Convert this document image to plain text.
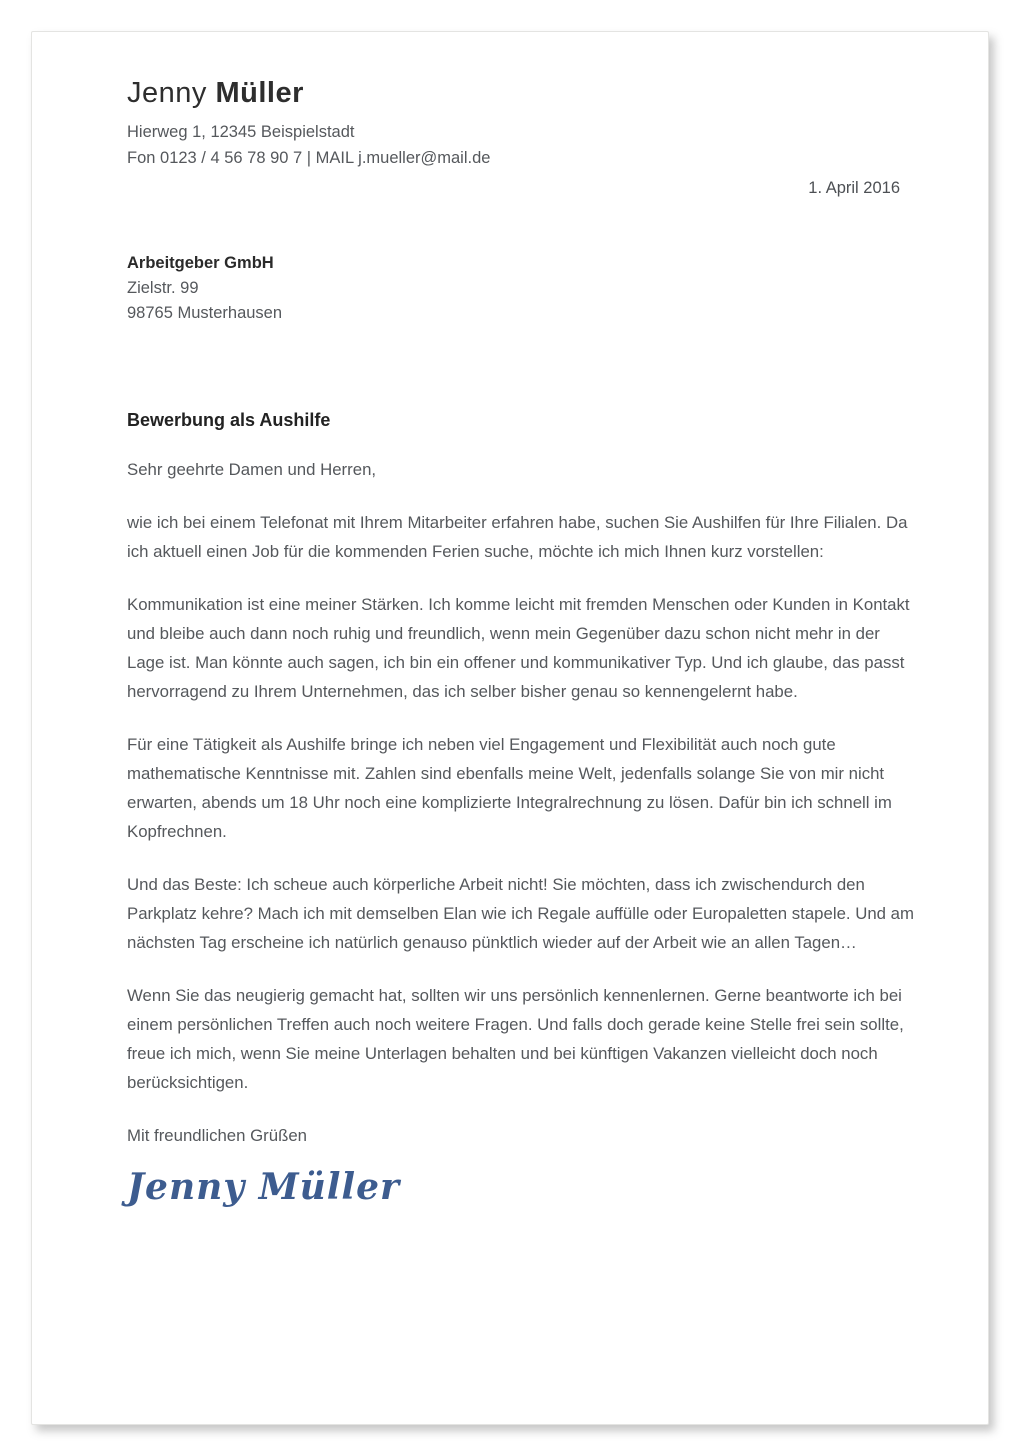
Jenny Müller
Hierweg 1, 12345 Beispielstadt
Fon 0123 / 4 56 78 90 7 | MAIL j.mueller@mail.de
1. April 2016
Arbeitgeber GmbH
Zielstr. 99
98765 Musterhausen
Bewerbung als Aushilfe

Sehr geehrte Damen und Herren,

wie ich bei einem Telefonat mit Ihrem Mitarbeiter erfahren habe, suchen Sie Aushilfen für Ihre Filialen. Da ich aktuell einen Job für die kommenden Ferien suche, möchte ich mich Ihnen kurz vorstellen:

Kommunikation ist eine meiner Stärken. Ich komme leicht mit fremden Menschen oder Kunden in Kontakt und bleibe auch dann noch ruhig und freundlich, wenn mein Gegenüber dazu schon nicht mehr in der Lage ist. Man könnte auch sagen, ich bin ein offener und kommunikativer Typ. Und ich glaube, das passt hervorragend zu Ihrem Unternehmen, das ich selber bisher genau so kennengelernt habe.

Für eine Tätigkeit als Aushilfe bringe ich neben viel Engagement und Flexibilität auch noch gute mathematische Kenntnisse mit. Zahlen sind ebenfalls meine Welt, jedenfalls solange Sie von mir nicht erwarten, abends um 18 Uhr noch eine komplizierte Integralrechnung zu lösen. Dafür bin ich schnell im Kopfrechnen.

Und das Beste: Ich scheue auch körperliche Arbeit nicht! Sie möchten, dass ich zwischendurch den Parkplatz kehre? Mach ich mit demselben Elan wie ich Regale auffülle oder Europaletten stapele. Und am nächsten Tag erscheine ich natürlich genauso pünktlich wieder auf der Arbeit wie an allen Tagen…

Wenn Sie das neugierig gemacht hat, sollten wir uns persönlich kennenlernen. Gerne beantworte ich bei einem persönlichen Treffen auch noch weitere Fragen. Und falls doch gerade keine Stelle frei sein sollte, freue ich mich, wenn Sie meine Unterlagen behalten und bei künftigen Vakanzen vielleicht doch noch berücksichtigen.

Mit freundlichen Grüßen

Jenny Müller
